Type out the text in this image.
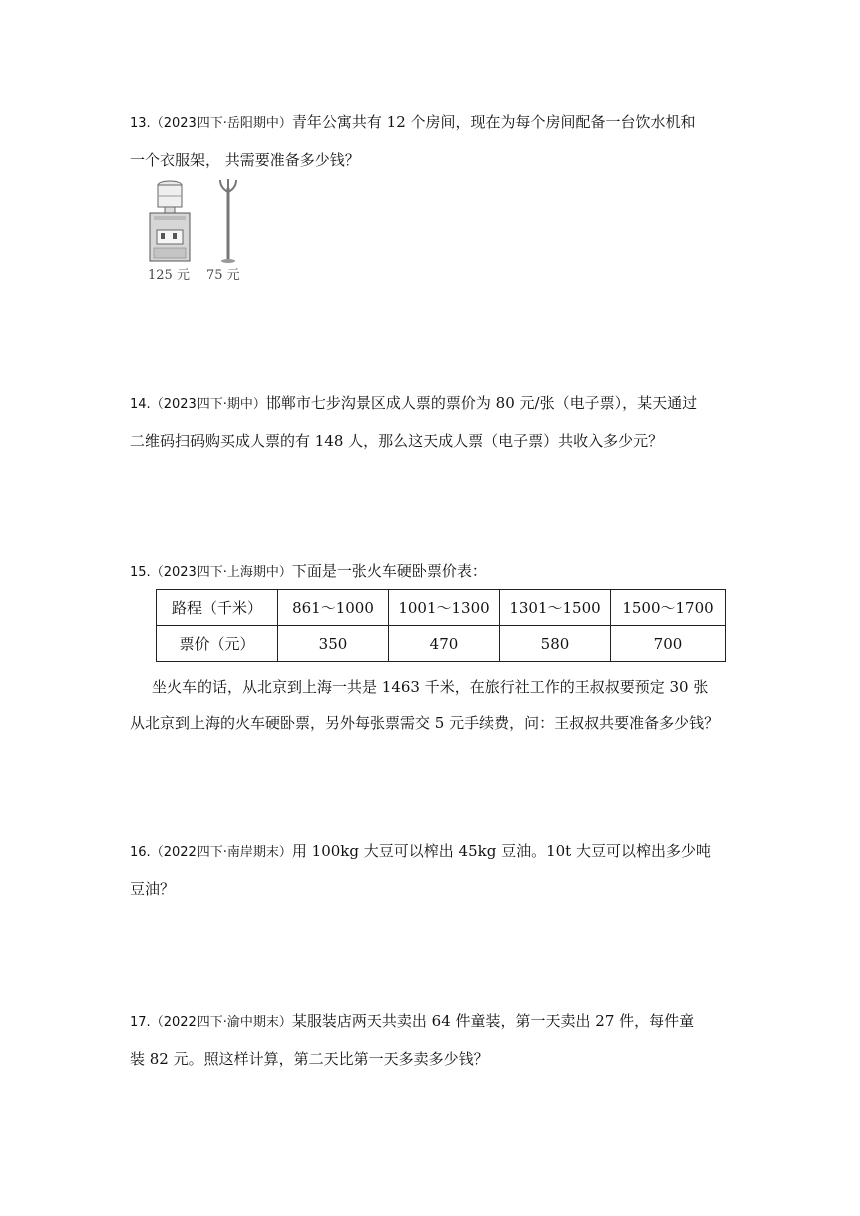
13.（2023四下·岳阳期中）青年公寓共有 12 个房间，现在为每个房间配备一台饮水机和
一个衣服架， 共需要准备多少钱？
125 元 75 元
14.（2023四下·期中）邯郸市七步沟景区成人票的票价为 80 元/张（电子票），某天通过
二维码扫码购买成人票的有 148 人，那么这天成人票（电子票）共收入多少元？
15.（2023四下·上海期中）下面是一张火车硬卧票价表：
路程（千米）	861～1000	1001～1300	1301～1500	1500～1700
票价（元）	350	470	580	700
坐火车的话，从北京到上海一共是 1463 千米，在旅行社工作的王叔叔要预定 30 张
从北京到上海的火车硬卧票，另外每张票需交 5 元手续费，问：王叔叔共要准备多少钱？
16.（2022四下·南岸期末）用 100kg 大豆可以榨出 45kg 豆油。10t 大豆可以榨出多少吨
豆油？
17.（2022四下·渝中期末）某服装店两天共卖出 64 件童装，第一天卖出 27 件，每件童
装 82 元。照这样计算，第二天比第一天多卖多少钱？
